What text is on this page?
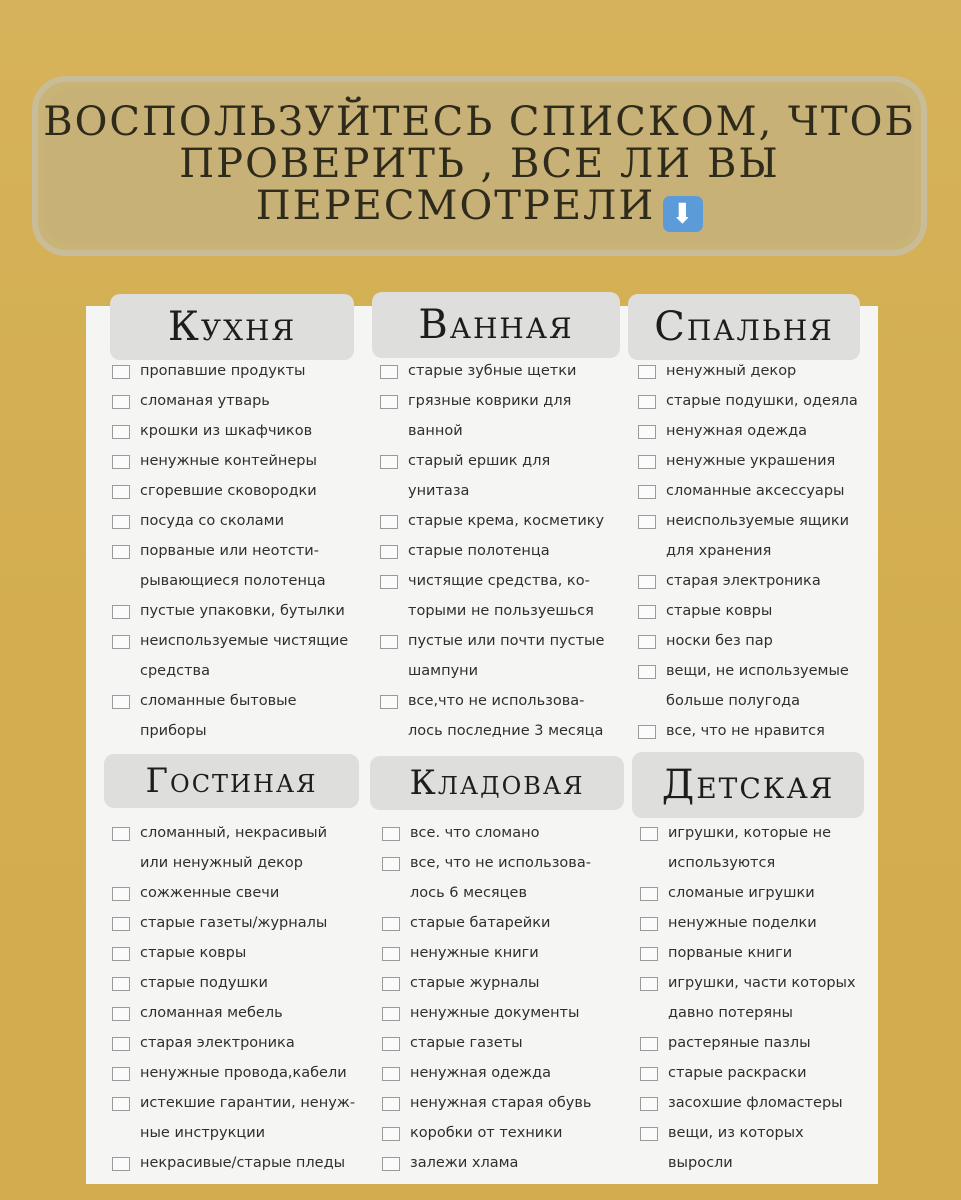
ВОСПОЛЬЗУЙТЕСЬ СПИСКОМ, ЧТОБ
ПРОВЕРИТЬ , ВСЕ ЛИ ВЫ
ПЕРЕСМОТРЕЛИ ⬇
Кухня	Ванная	Спальня
Гостиная	Кладовая	Детская
пропавшие продукты
сломаная утварь
крошки из шкафчиков
ненужные контейнеры
сгоревшие сковородки
посуда со сколами
порваные или неотсти-
рывающиеся полотенца
пустые упаковки, бутылки
неиспользуемые чистящие
средства
сломанные бытовые
приборы
старые зубные щетки
грязные коврики для
ванной
старый ершик для
унитаза
старые крема, косметику
старые полотенца
чистящие средства, ко-
торыми не пользуешься
пустые или почти пустые
шампуни
все,что не использова-
лось последние 3 месяца
ненужный декор
старые подушки, одеяла
ненужная одежда
ненужные украшения
сломанные аксессуары
неиспользуемые ящики
для хранения
старая электроника
старые ковры
носки без пар
вещи, не используемые
больше полугода
все, что не нравится
сломанный, некрасивый
или ненужный декор
сожженные свечи
старые газеты/журналы
старые ковры
старые подушки
сломанная мебель
старая электроника
ненужные провода,кабели
истекшие гарантии, ненуж-
ные инструкции
некрасивые/старые пледы
все. что сломано
все, что не использова-
лось 6 месяцев
старые батарейки
ненужные книги
старые журналы
ненужные документы
старые газеты
ненужная одежда
ненужная старая обувь
коробки от техники
залежи хлама
игрушки, которые не
используются
сломаные игрушки
ненужные поделки
порваные книги
игрушки, части которых
давно потеряны
растеряные пазлы
старые раскраски
засохшие фломастеры
вещи, из которых
выросли
